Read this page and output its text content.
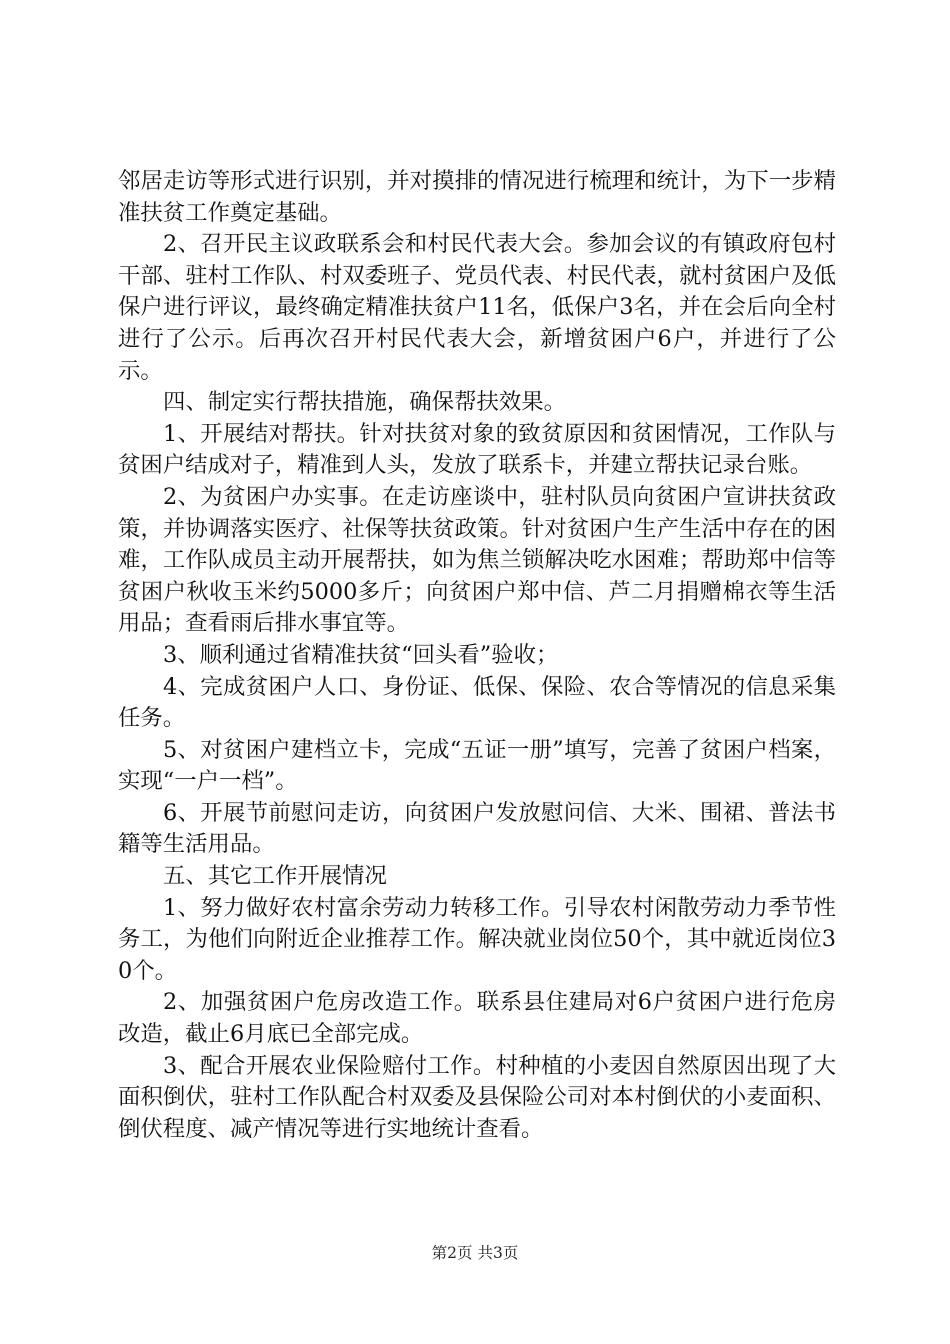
邻居走访等形式进行识别，并对摸排的情况进行梳理和统计，为下一步精准扶贫工作奠定基础。

2、召开民主议政联系会和村民代表大会。参加会议的有镇政府包村干部、驻村工作队、村双委班子、党员代表、村民代表，就村贫困户及低保户进行评议，最终确定精准扶贫户11名，低保户3名，并在会后向全村进行了公示。后再次召开村民代表大会，新增贫困户6户，并进行了公示。

四、制定实行帮扶措施，确保帮扶效果。

1、开展结对帮扶。针对扶贫对象的致贫原因和贫困情况，工作队与贫困户结成对子，精准到人头，发放了联系卡，并建立帮扶记录台账。

2、为贫困户办实事。在走访座谈中，驻村队员向贫困户宣讲扶贫政策，并协调落实医疗、社保等扶贫政策。针对贫困户生产生活中存在的困难，工作队成员主动开展帮扶，如为焦兰锁解决吃水困难；帮助郑中信等贫困户秋收玉米约5000多斤；向贫困户郑中信、芦二月捐赠棉衣等生活用品；查看雨后排水事宜等。

3、顺利通过省精准扶贫“回头看”验收；

4、完成贫困户人口、身份证、低保、保险、农合等情况的信息采集任务。

5、对贫困户建档立卡，完成“五证一册”填写，完善了贫困户档案，实现“一户一档”。

6、开展节前慰问走访，向贫困户发放慰问信、大米、围裙、普法书籍等生活用品。

五、其它工作开展情况

1、努力做好农村富余劳动力转移工作。引导农村闲散劳动力季节性务工，为他们向附近企业推荐工作。解决就业岗位50个，其中就近岗位30个。

2、加强贫困户危房改造工作。联系县住建局对6户贫困户进行危房改造，截止6月底已全部完成。

3、配合开展农业保险赔付工作。村种植的小麦因自然原因出现了大面积倒伏，驻村工作队配合村双委及县保险公司对本村倒伏的小麦面积、倒伏程度、减产情况等进行实地统计查看。

第2页 共3页
